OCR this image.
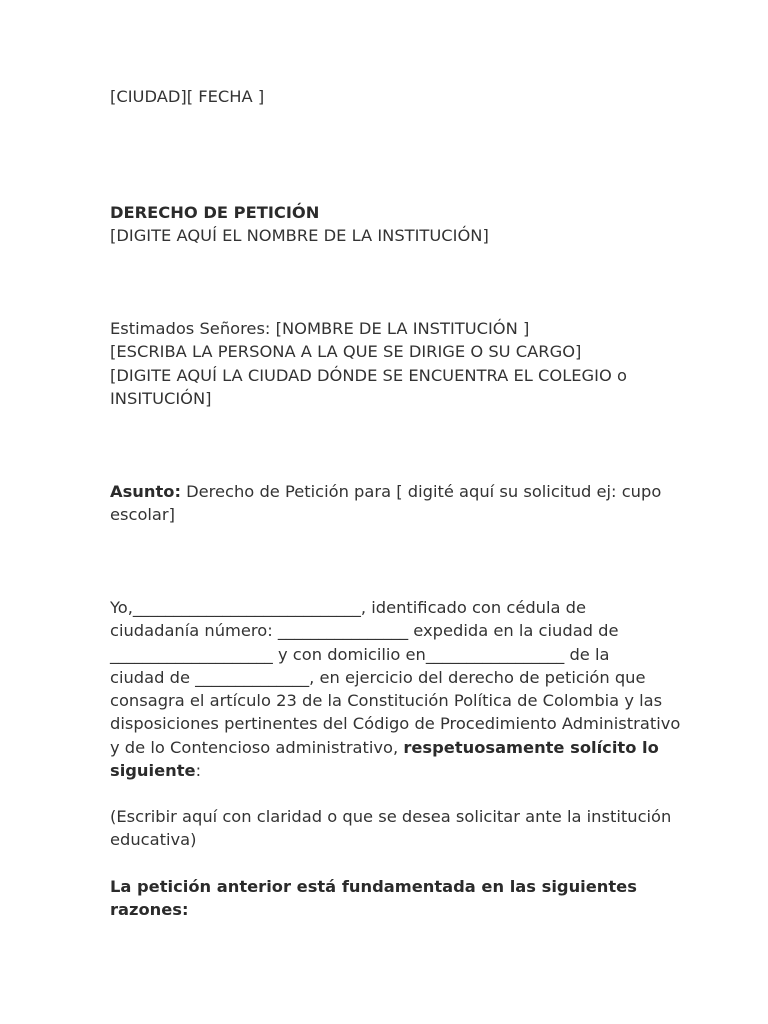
[CIUDAD][ FECHA ]
DERECHO DE PETICIÓN
[DIGITE AQUÍ EL NOMBRE DE LA INSTITUCIÓN]
Estimados Señores: [NOMBRE DE LA INSTITUCIÓN ]
[ESCRIBA LA PERSONA A LA QUE SE DIRIGE O SU CARGO]
[DIGITE AQUÍ LA CIUDAD DÓNDE SE ENCUENTRA EL COLEGIO o
INSITUCIÓN]
Asunto: Derecho de Petición para [ digité aquí su solicitud ej: cupo
escolar]
Yo,____________________________, identificado con cédula de
ciudadanía número: ________________ expedida en la ciudad de
____________________ y con domicilio en_________________ de la
ciudad de ______________, en ejercicio del derecho de petición que
consagra el artículo 23 de la Constitución Política de Colombia y las
disposiciones pertinentes del Código de Procedimiento Administrativo
y de lo Contencioso administrativo, respetuosamente solícito lo
siguiente:
(Escribir aquí con claridad o que se desea solicitar ante la institución
educativa)
La petición anterior está fundamentada en las siguientes
razones:
